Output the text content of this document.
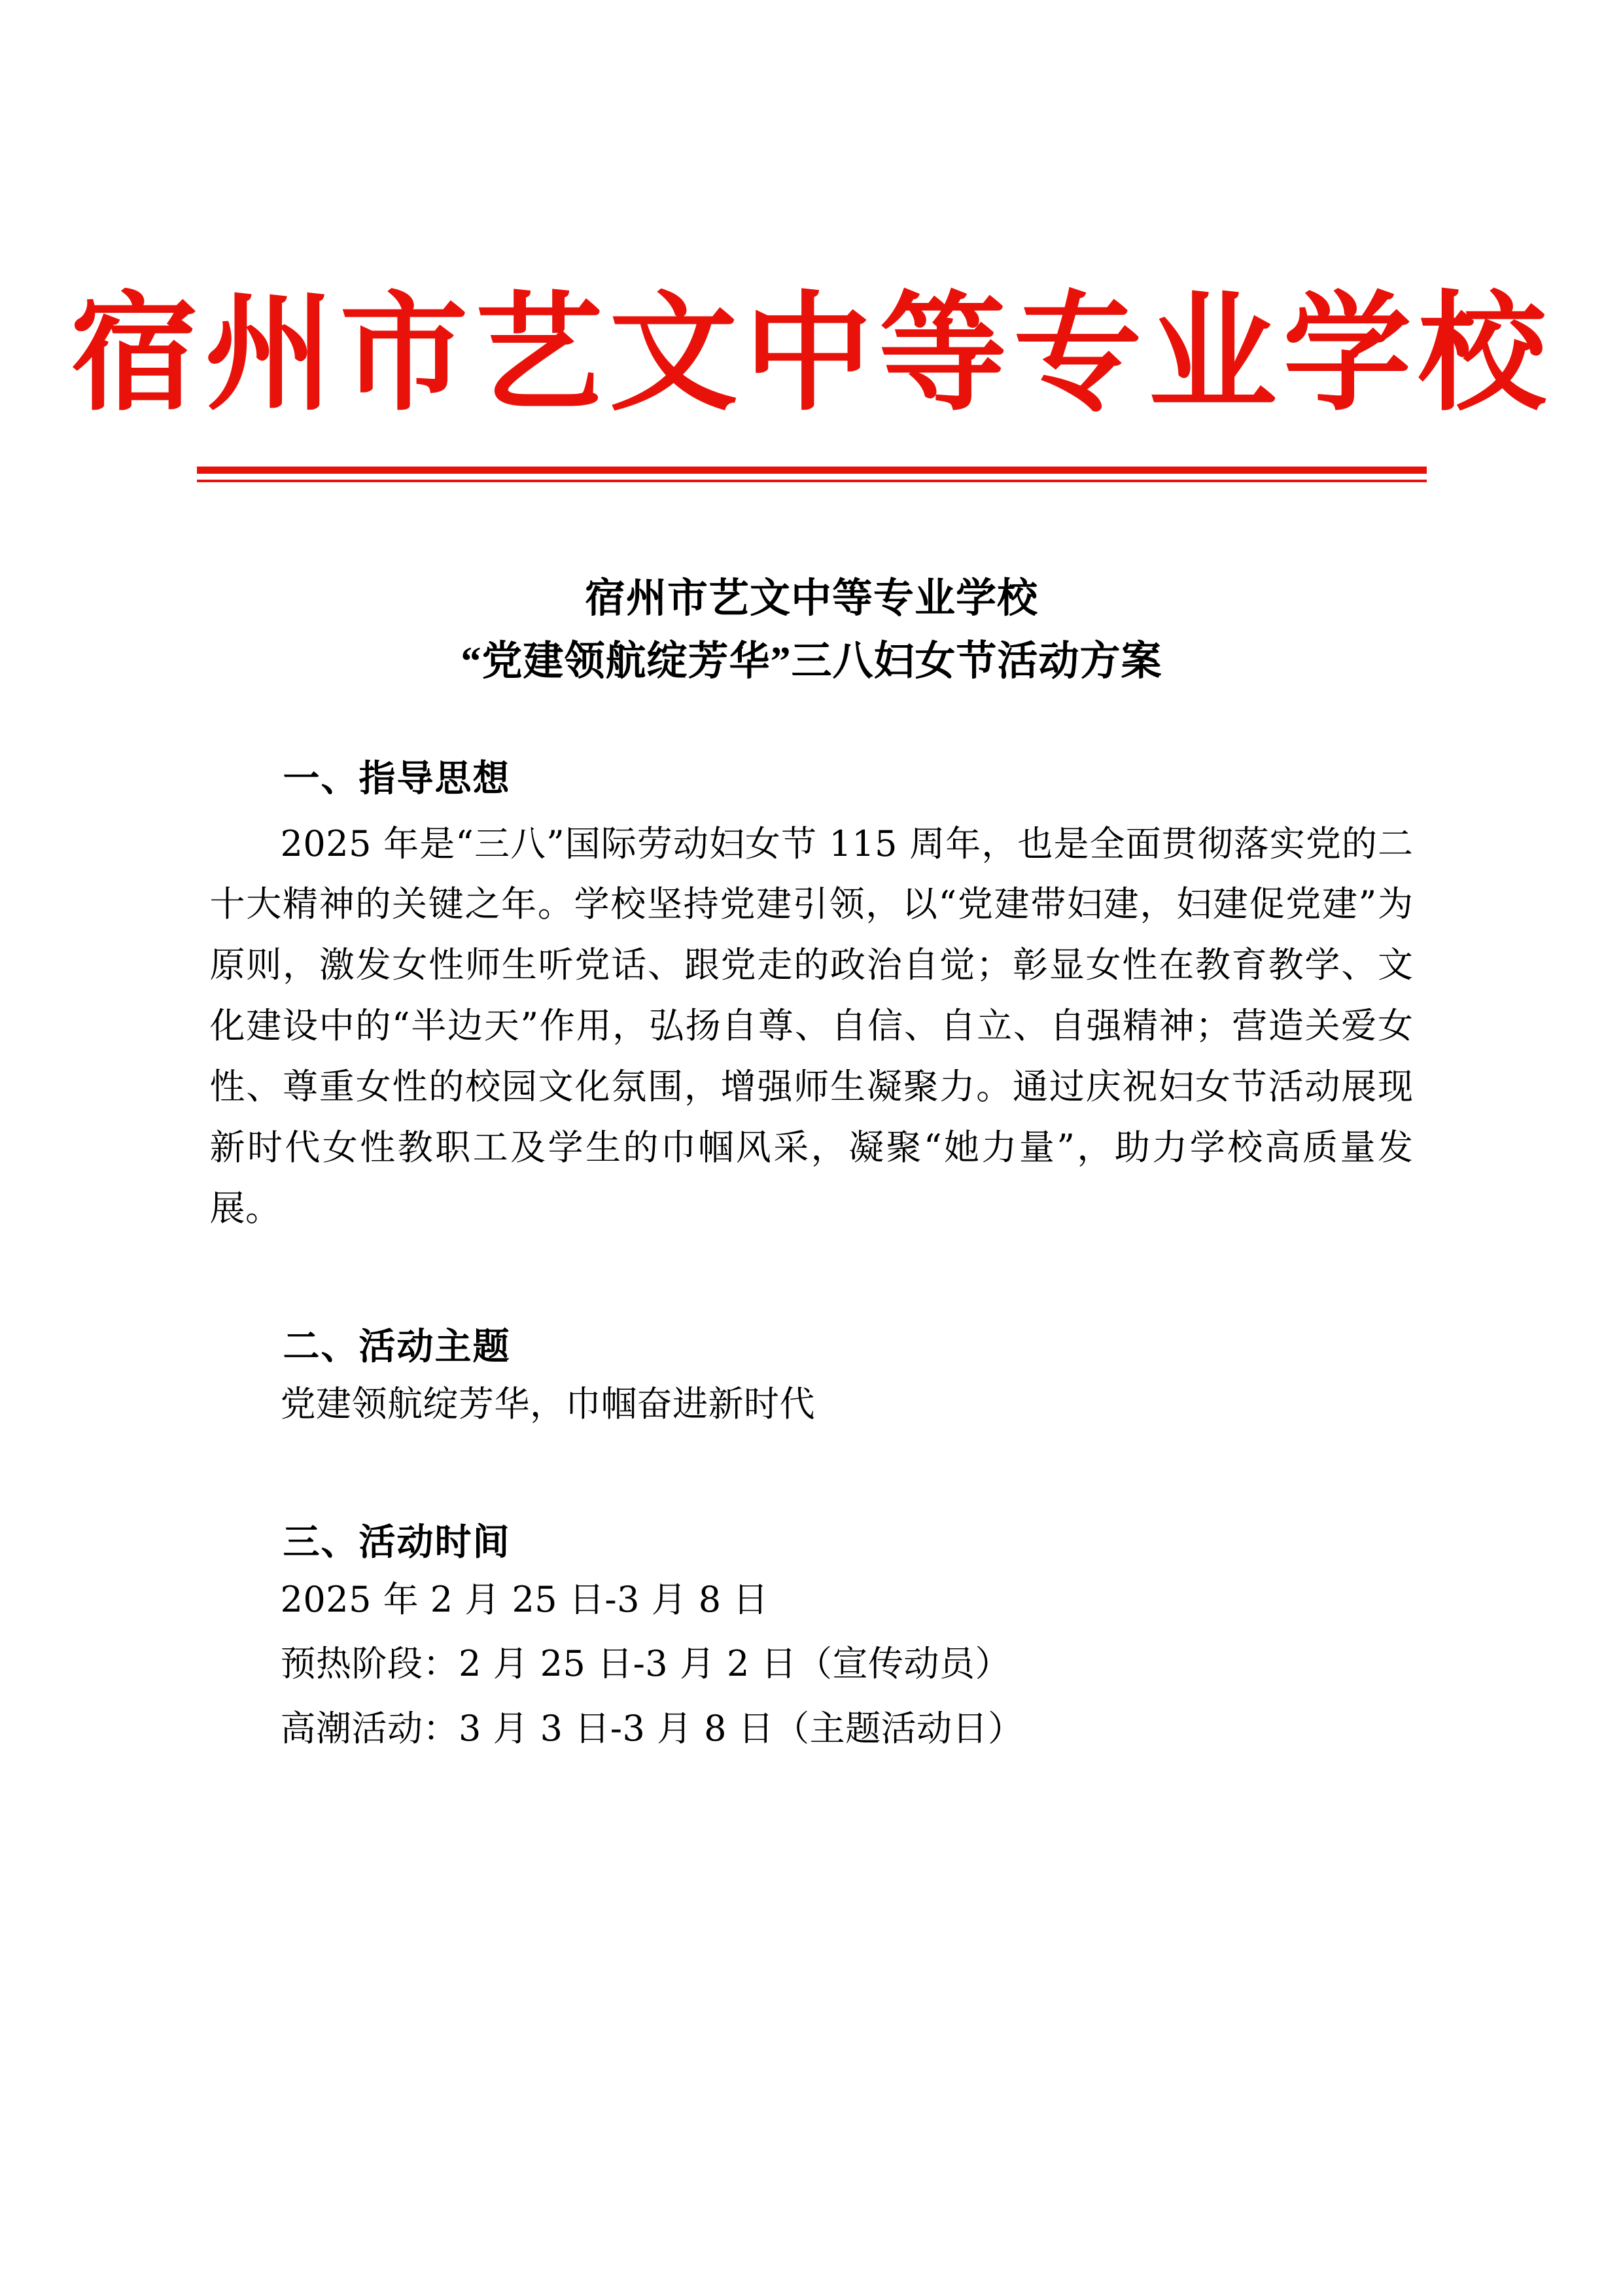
宿州市艺文中等专业学校
宿州市艺文中等专业学校
“党建领航绽芳华”三八妇女节活动方案
一、指导思想
2025 年是“三八”国际劳动妇女节 115 周年，也是全面贯彻落实党的二十大精神的关键之年。学校坚持党建引领，以“党建带妇建，妇建促党建”为原则，激发女性师生听党话、跟党走的政治自觉；彰显女性在教育教学、文化建设中的“半边天”作用，弘扬自尊、自信、自立、自强精神；营造关爱女性、尊重女性的校园文化氛围，增强师生凝聚力。通过庆祝妇女节活动展现新时代女性教职工及学生的巾帼风采，凝聚“她力量”，助力学校高质量发展。
二、活动主题
党建领航绽芳华，巾帼奋进新时代
三、活动时间
2025 年 2 月 25 日-3 月 8 日
预热阶段：2 月 25 日-3 月 2 日（宣传动员）
高潮活动：3 月 3 日-3 月 8 日（主题活动日）
